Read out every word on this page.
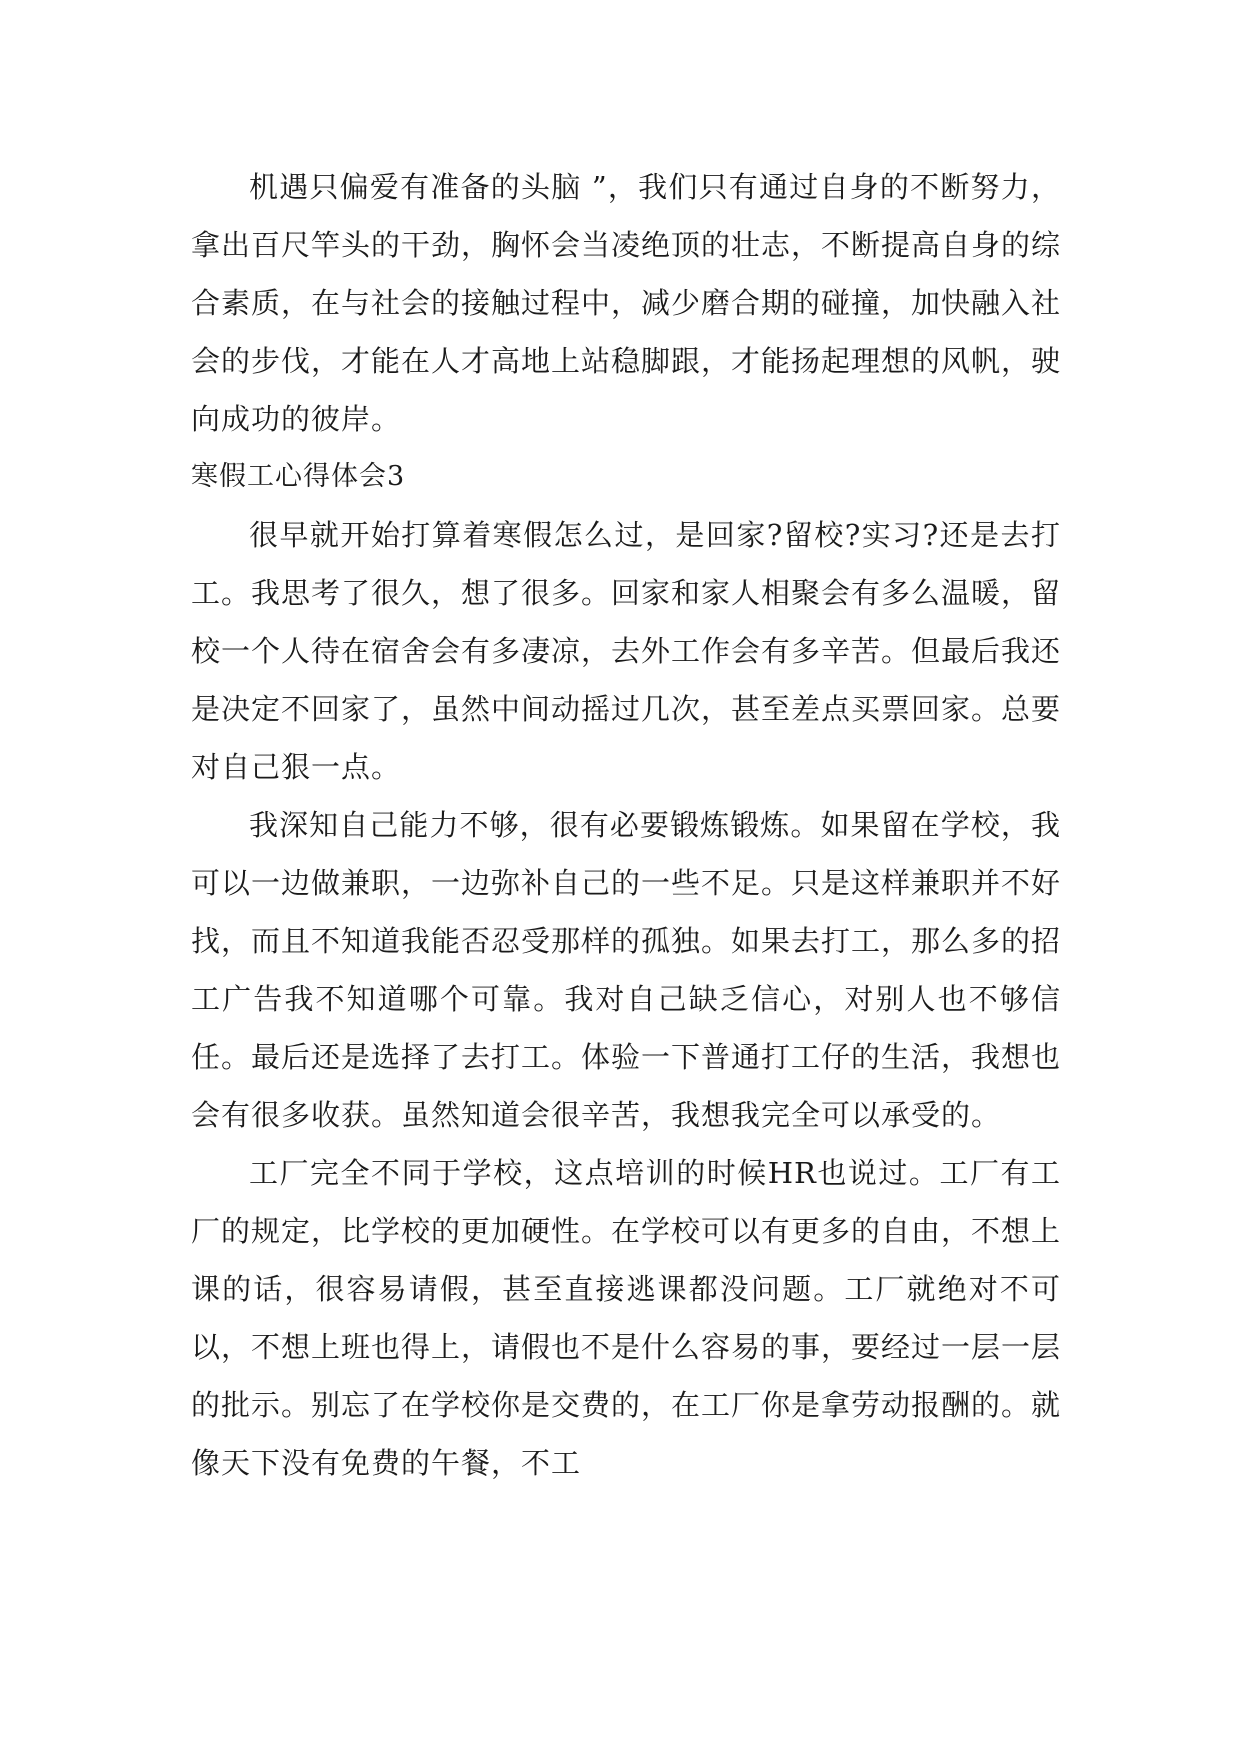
机遇只偏爱有准备的头脑 ”，我们只有通过自身的不断努力，拿出百尺竿头的干劲，胸怀会当凌绝顶的壮志，不断提高自身的综合素质，在与社会的接触过程中，减少磨合期的碰撞，加快融入社会的步伐，才能在人才高地上站稳脚跟，才能扬起理想的风帆，驶向成功的彼岸。

寒假工心得体会3

很早就开始打算着寒假怎么过，是回家?留校?实习?还是去打工。我思考了很久，想了很多。回家和家人相聚会有多么温暖，留校一个人待在宿舍会有多凄凉，去外工作会有多辛苦。但最后我还是决定不回家了，虽然中间动摇过几次，甚至差点买票回家。总要对自己狠一点。

我深知自己能力不够，很有必要锻炼锻炼。如果留在学校，我可以一边做兼职，一边弥补自己的一些不足。只是这样兼职并不好找，而且不知道我能否忍受那样的孤独。如果去打工，那么多的招工广告我不知道哪个可靠。我对自己缺乏信心，对别人也不够信任。最后还是选择了去打工。体验一下普通打工仔的生活，我想也会有很多收获。虽然知道会很辛苦，我想我完全可以承受的。

工厂完全不同于学校，这点培训的时候HR也说过。工厂有工厂的规定，比学校的更加硬性。在学校可以有更多的自由，不想上课的话，很容易请假，甚至直接逃课都没问题。工厂就绝对不可以，不想上班也得上，请假也不是什么容易的事，要经过一层一层的批示。别忘了在学校你是交费的，在工厂你是拿劳动报酬的。就像天下没有免费的午餐，不工
